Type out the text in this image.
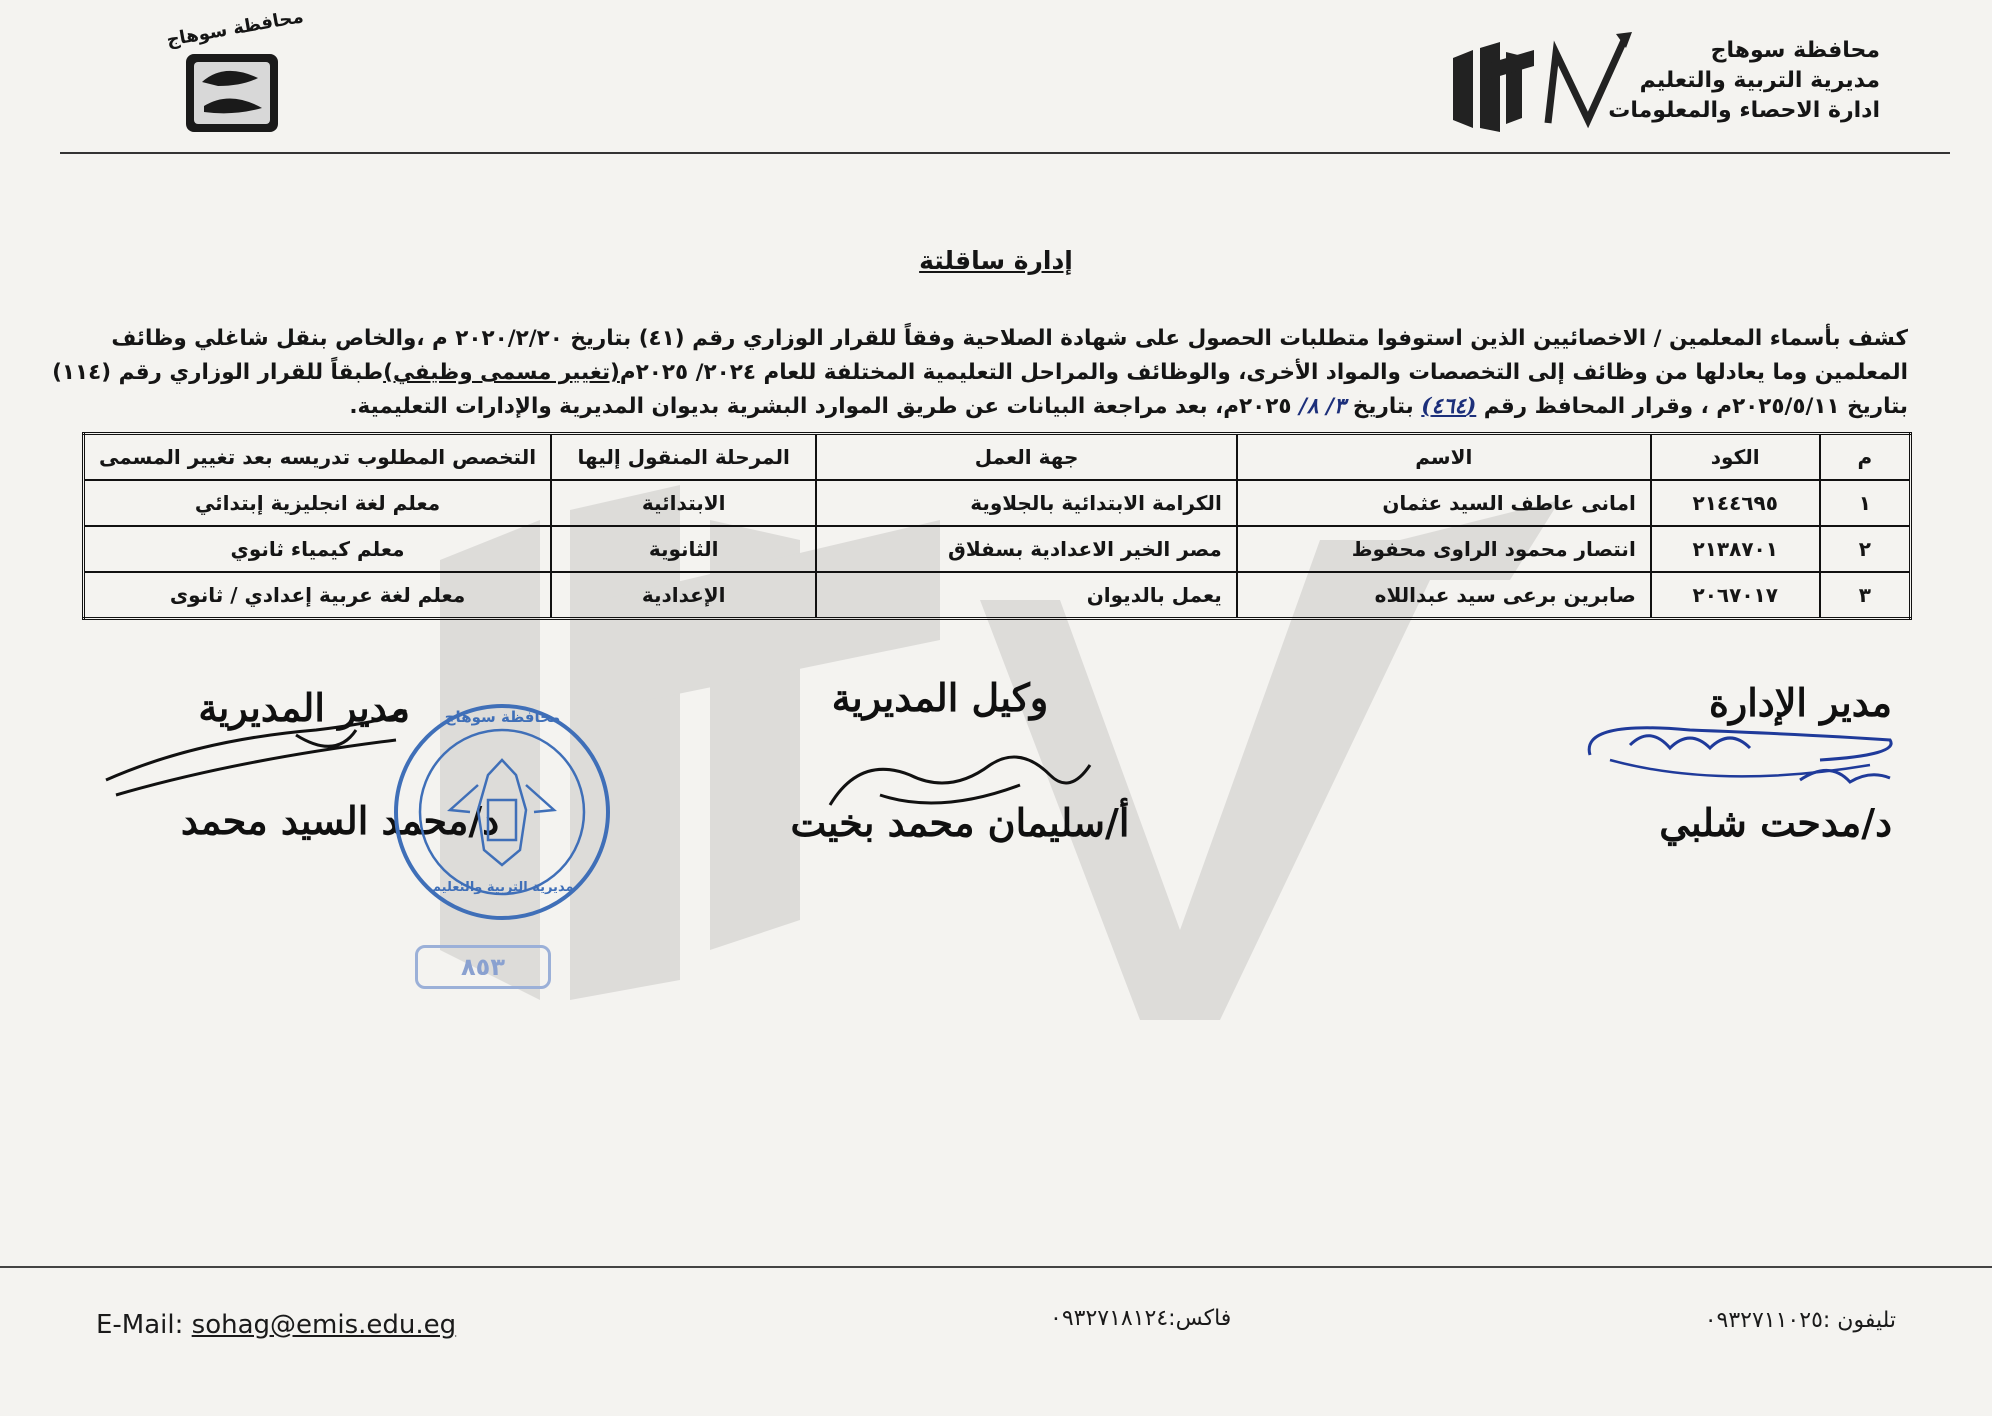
محافظة سوهاج
مديرية التربية والتعليم
ادارة الاحصاء والمعلومات
محافظة سوهاج
إدارة ساقلتة
كشف بأسماء المعلمين / الاخصائيين الذين استوفوا متطلبات الحصول على شهادة الصلاحية وفقاً للقرار الوزاري رقم (٤١) بتاريخ ٢٠٢٠/٢/٢٠ م ،والخاص بنقل شاغلي وظائف
المعلمين وما يعادلها من وظائف إلى التخصصات والمواد الأخرى، والوظائف والمراحل التعليمية المختلفة للعام ٢٠٢٤/ ٢٠٢٥م(تغيير مسمى وظيفي)طبقاً للقرار الوزاري رقم (١١٤)
بتاريخ ٢٠٢٥/٥/١١م ، وقرار المحافظ رقم (٤٦٤) بتاريخ ٣/ ٨/ ٢٠٢٥م، بعد مراجعة البيانات عن طريق الموارد البشرية بديوان المديرية والإدارات التعليمية.
م	الكود	الاسم	جهة العمل	المرحلة المنقول إليها	التخصص المطلوب تدريسه بعد تغيير المسمى
١	٢١٤٤٦٩٥	امانى عاطف السيد عثمان	الكرامة الابتدائية بالجلاوية	الابتدائية	معلم لغة انجليزية إبتدائي
٢	٢١٣٨٧٠١	انتصار محمود الراوى محفوظ	مصر الخير الاعدادية بسفلاق	الثانوية	معلم كيمياء ثانوي
٣	٢٠٦٧٠١٧	صابرين برعى سيد عبداللاه	يعمل بالديوان	الإعدادية	معلم لغة عربية إعدادي / ثانوى
مدير الإدارة
د/مدحت شلبي
وكيل المديرية
أ/سليمان محمد بخيت
مدير المديرية
د/محمد السيد محمد
محافظة سوهاج
مديرية التربية والتعليم
٨٥٣
تليفون :٠٩٣٢٧١١٠٢٥
فاكس:٠٩٣٢٧١٨١٢٤
E-Mail: sohag@emis.edu.eg
